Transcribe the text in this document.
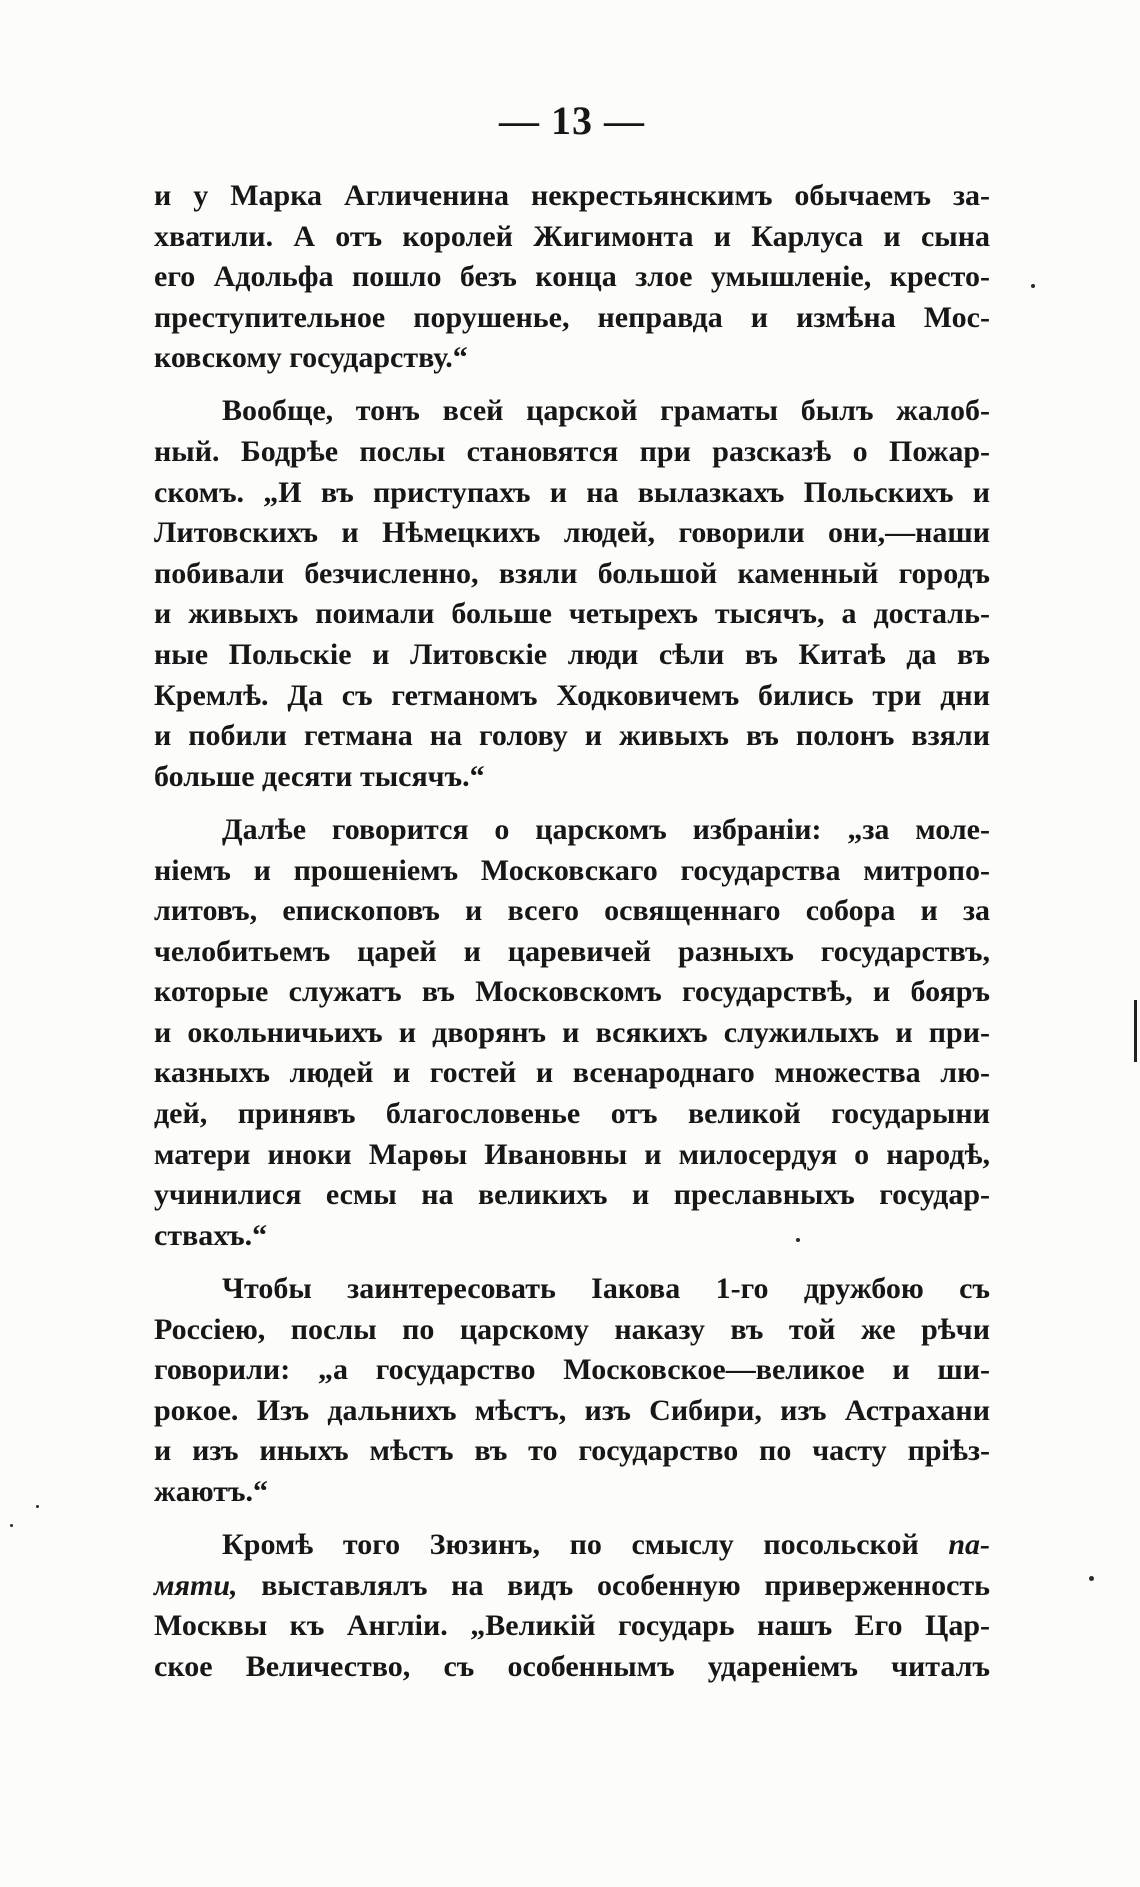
— 13 —
и у Марка Агличенина некрестьянскимъ обычаемъ за-
хватили. А отъ королей Жигимонта и Карлуса и сына
его Адольфа пошло безъ конца злое умышленіе, кресто-
преступительное порушенье, неправда и измѣна Мос-
ковскому государству.“
Вообще, тонъ всей царской граматы былъ жалоб-
ный. Бодрѣе послы становятся при разсказѣ о Пожар-
скомъ. „И въ приступахъ и на вылазкахъ Польскихъ и
Литовскихъ и Нѣмецкихъ людей, говорили они,—наши
побивали безчисленно, взяли большой каменный городъ
и живыхъ поимали больше четырехъ тысячъ, а досталь-
ные Польскіе и Литовскіе люди сѣли въ Китаѣ да въ
Кремлѣ. Да съ гетманомъ Ходковичемъ бились три дни
и побили гетмана на голову и живыхъ въ полонъ взяли
больше десяти тысячъ.“
Далѣе говорится о царскомъ избраніи: „за моле-
ніемъ и прошеніемъ Московскаго государства митропо-
литовъ, епископовъ и всего освященнаго собора и за
челобитьемъ царей и царевичей разныхъ государствъ,
которые служатъ въ Московскомъ государствѣ, и бояръ
и окольничьихъ и дворянъ и всякихъ служилыхъ и при-
казныхъ людей и гостей и всенароднаго множества лю-
дей, принявъ благословенье отъ великой государыни
матери иноки Марѳы Ивановны и милосердуя о народѣ,
учинилися есмы на великихъ и преславныхъ государ-
ствахъ.“
Чтобы заинтересовать Іакова 1-го дружбою съ
Россіею, послы по царскому наказу въ той же рѣчи
говорили: „а государство Московское—великое и ши-
рокое. Изъ дальнихъ мѣстъ, изъ Сибири, изъ Астрахани
и изъ иныхъ мѣстъ въ то государство по часту пріѣз-
жаютъ.“
Кромѣ того Зюзинъ, по смыслу посольской па-
мяти, выставлялъ на видъ особенную приверженность
Москвы къ Англіи. „Великій государь нашъ Его Цар-
ское Величество, съ особеннымъ удареніемъ читалъ
